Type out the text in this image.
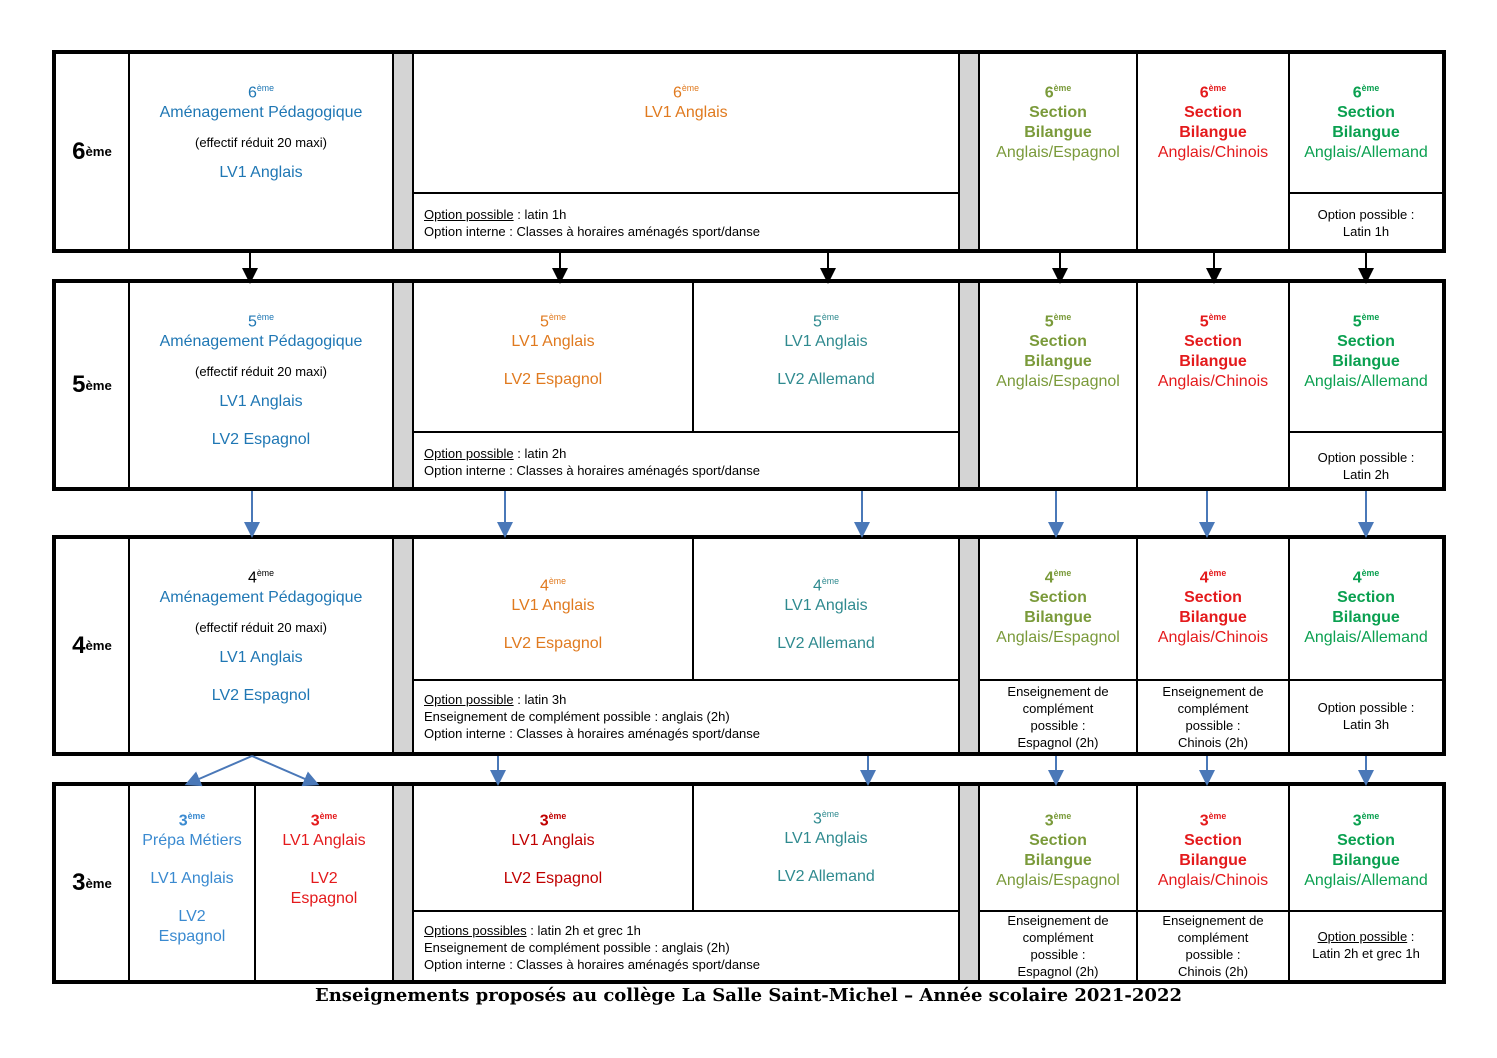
6 ème
6ème
Aménagement Pédagogique
(effectif réduit 20 maxi)
LV1 Anglais
6ème
LV1 Anglais
Option possible : latin 1h
Option interne : Classes à horaires aménagés sport/danse
6ème
Section
Bilangue
Anglais/Espagnol
6ème
Section
Bilangue
Anglais/Chinois
6ème
Section
Bilangue
Anglais/Allemand
Option possible :
Latin 1h
5 ème
5ème
Aménagement Pédagogique
(effectif réduit 20 maxi)
LV1 Anglais
LV2 Espagnol
5ème
LV1 Anglais
LV2 Espagnol
5ème
LV1 Anglais
LV2 Allemand
Option possible : latin 2h
Option interne : Classes à horaires aménagés sport/danse
5ème
Section
Bilangue
Anglais/Espagnol
5ème
Section
Bilangue
Anglais/Chinois
5ème
Section
Bilangue
Anglais/Allemand
Option possible :
Latin 2h
4 ème
4ème
Aménagement Pédagogique
(effectif réduit 20 maxi)
LV1 Anglais
LV2 Espagnol
4ème
LV1 Anglais
LV2 Espagnol
4ème
LV1 Anglais
LV2 Allemand
Option possible : latin 3h
Enseignement de complément possible : anglais (2h)
Option interne : Classes à horaires aménagés sport/danse
4ème
Section
Bilangue
Anglais/Espagnol
Enseignement de
complément
possible :
Espagnol (2h)
4ème
Section
Bilangue
Anglais/Chinois
Enseignement de
complément
possible :
Chinois (2h)
4ème
Section
Bilangue
Anglais/Allemand
Option possible :
Latin 3h
3 ème
3ème
Prépa Métiers
LV1 Anglais
LV2
Espagnol
3ème
LV1 Anglais
LV2
Espagnol
3ème
LV1 Anglais
LV2 Espagnol
3ème
LV1 Anglais
LV2 Allemand
Options possibles : latin 2h et grec 1h
Enseignement de complément possible : anglais (2h)
Option interne : Classes à horaires aménagés sport/danse
3ème
Section
Bilangue
Anglais/Espagnol
Enseignement de
complément
possible :
Espagnol (2h)
3ème
Section
Bilangue
Anglais/Chinois
Enseignement de
complément
possible :
Chinois (2h)
3ème
Section
Bilangue
Anglais/Allemand
Option possible :
Latin 2h et grec 1h
Enseignements proposés au collège La Salle Saint-Michel – Année scolaire 2021-2022
